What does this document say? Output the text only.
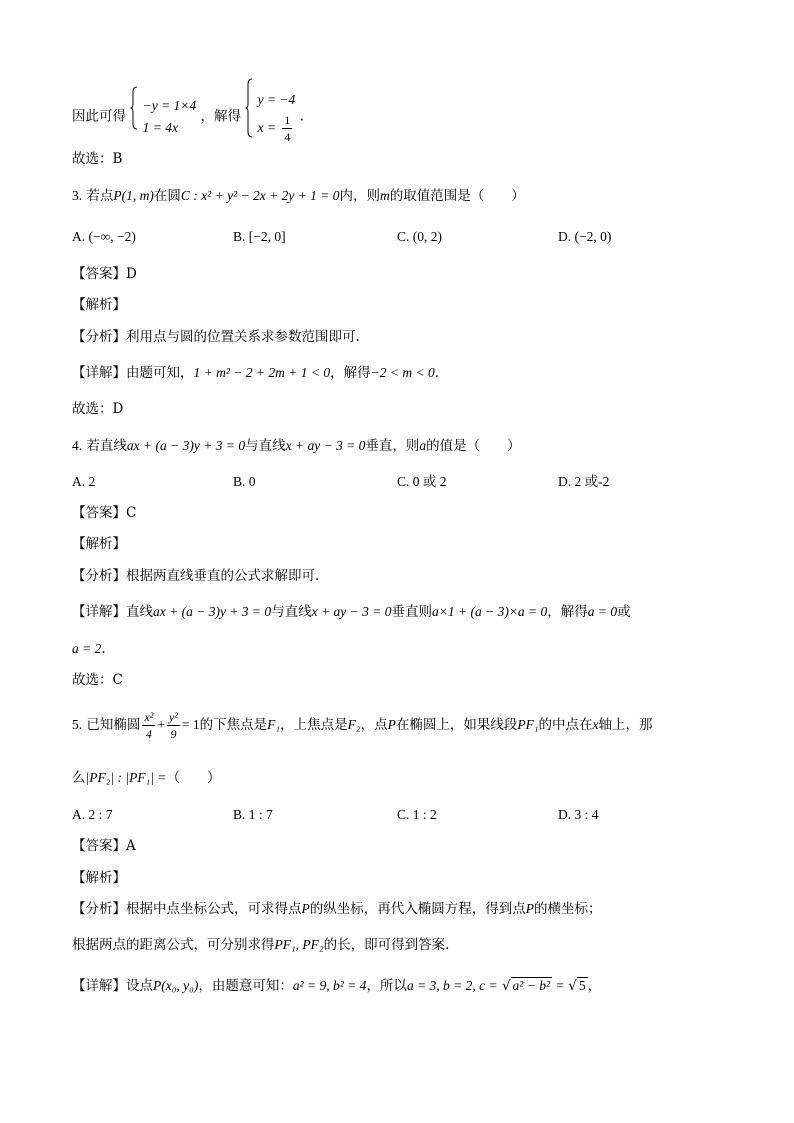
因此可得
−y = 1×4
1 = 4x
，解得
y = −4
$x = \frac{1}{4}$ .
故选：B
3. 若点P(1, m)在圆C : x² + y² − 2x + 2y + 1 = 0内，则m的取值范围是（　　）
A. (−∞, −2)	B. [−2, 0]	C. (0, 2)	D. (−2, 0)
【答案】D
【解析】
【分析】利用点与圆的位置关系求参数范围即可.
【详解】由题可知，1 + m² − 2 + 2m + 1 < 0，解得−2 < m < 0.
故选：D
4. 若直线ax + (a − 3)y + 3 = 0与直线x + ay − 3 = 0垂直，则a的值是（　　）
A. 2	B. 0	C. 0 或 2	D. 2 或-2
【答案】C
【解析】
【分析】根据两直线垂直的公式求解即可.
【详解】直线ax + (a − 3)y + 3 = 0与直线x + ay − 3 = 0垂直则a×1 + (a − 3)×a = 0，解得a = 0或
a = 2.
故选：C
5. 已知椭圆 $\frac{\text{x²}}{4} + \frac{\text{y²}}{9} = 1$的下焦点是F₁，上焦点是F₂，点P在椭圆上，如果线段PF₁的中点在x轴上，那
么|PF₂| : |PF₁| =（　　）
A. 2 : 7	B. 1 : 7	C. 1 : 2	D. 3 : 4
【答案】A
【解析】
【分析】根据中点坐标公式，可求得点P的纵坐标，再代入椭圆方程，得到点P的横坐标；
根据两点的距离公式，可分别求得PF₁, PF₂的长，即可得到答案.
【详解】设点P(x₀, y₀)，由题意可知：a² = 9, b² = 4，所以a = 3, b = 2, c = √ a² − b² = √ 5 ，
